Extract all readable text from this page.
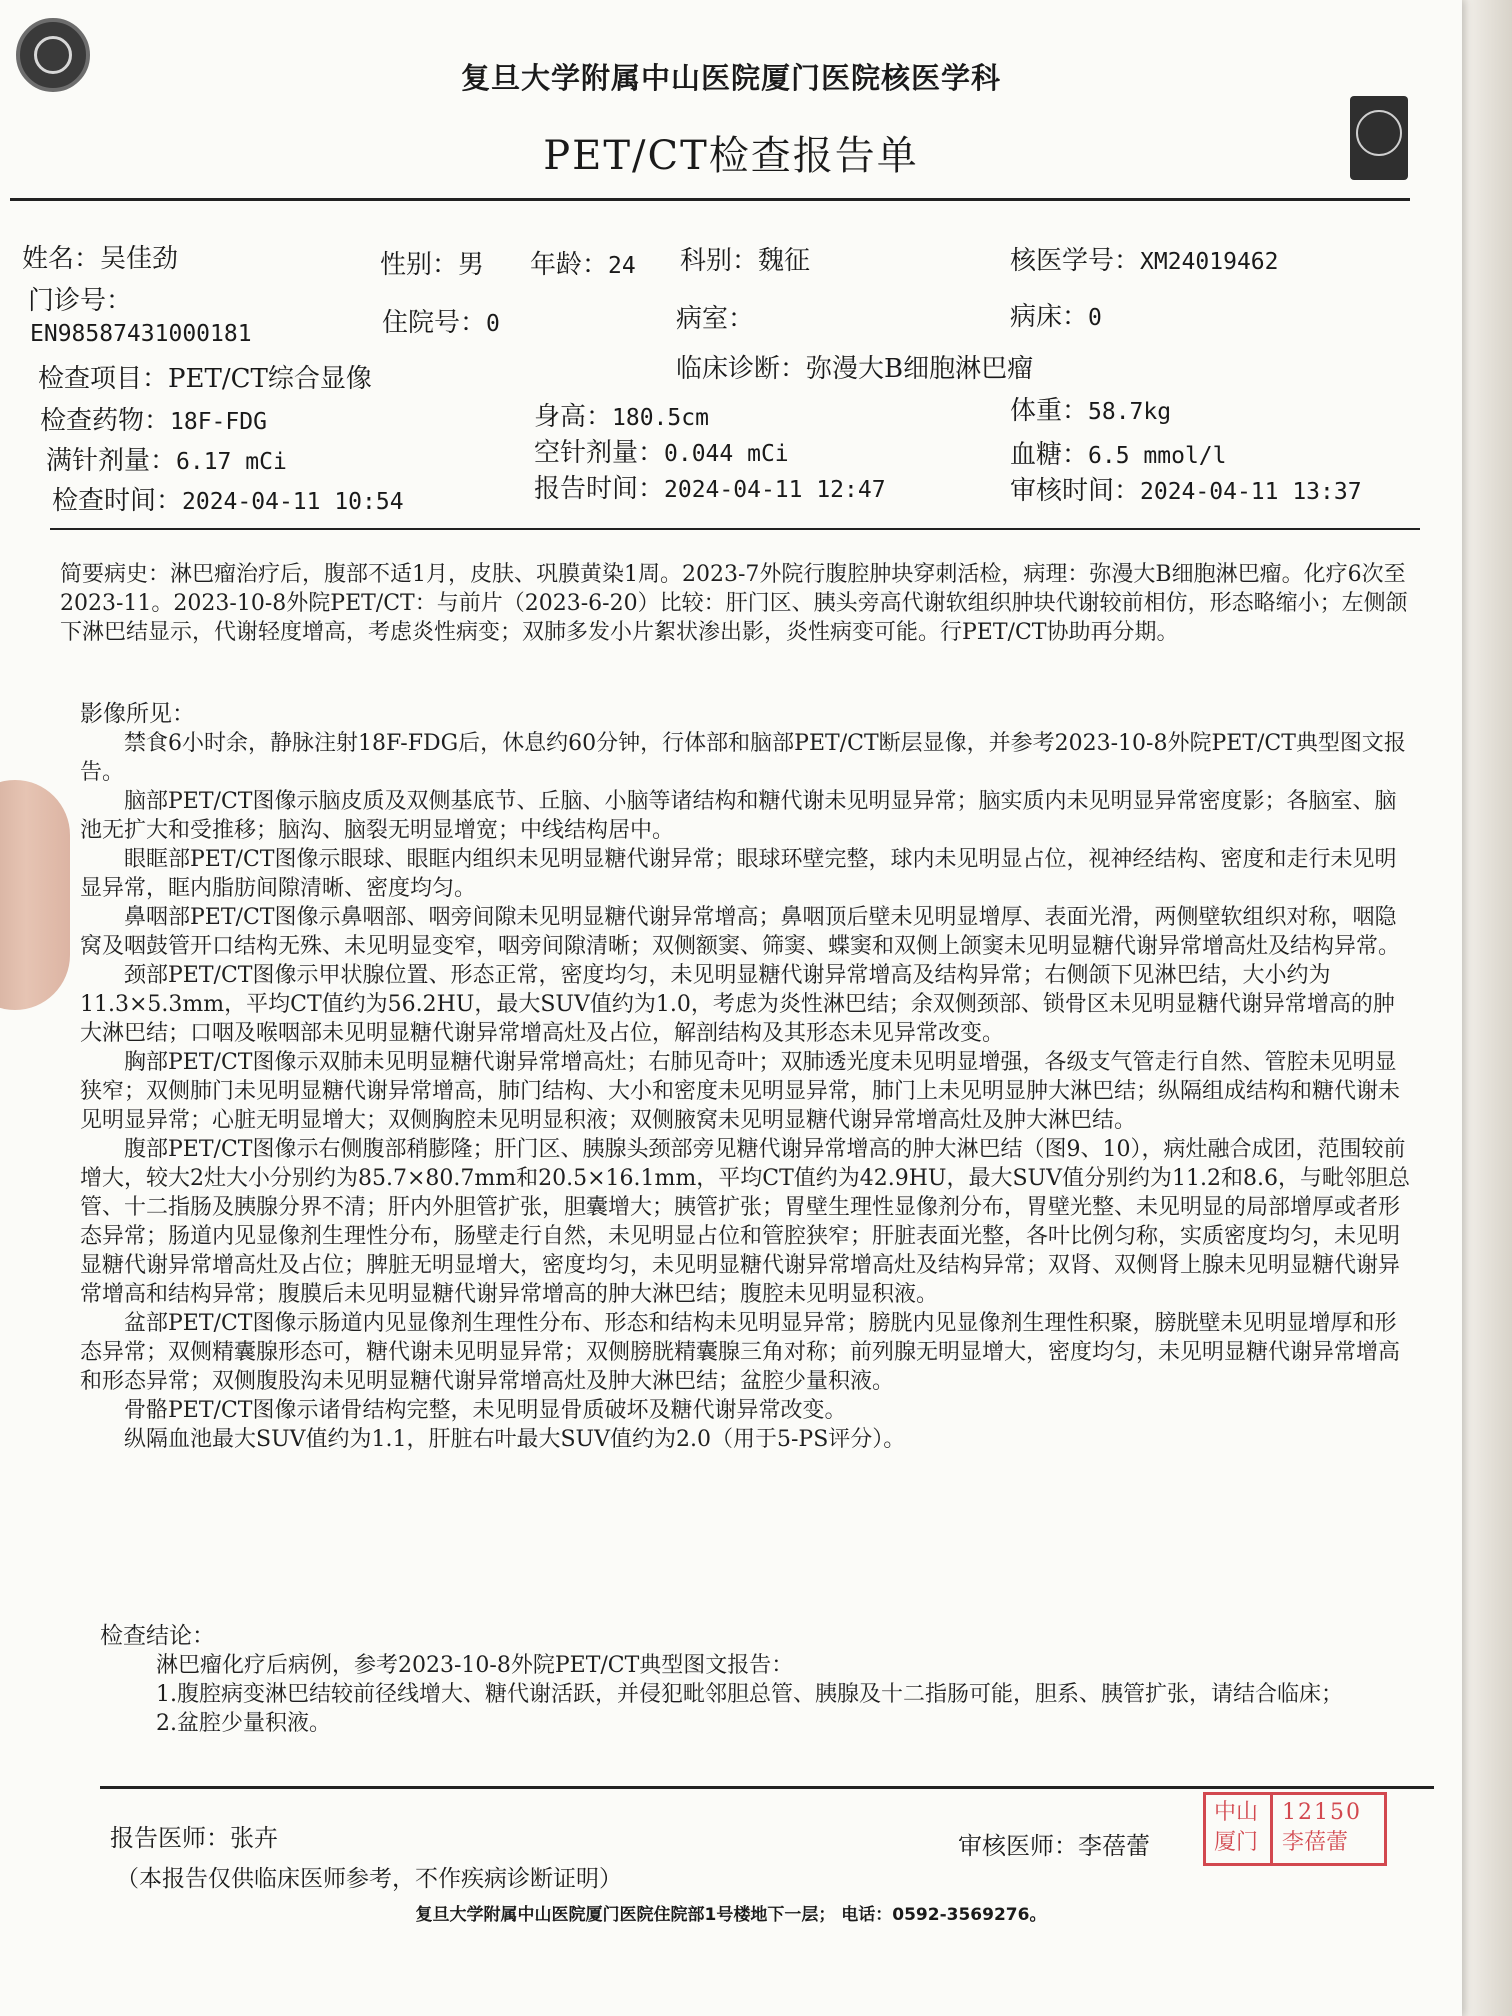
复旦大学附属中山医院厦门医院核医学科
PET/CT检查报告单
姓名：吴佳劲	性别：男 年龄：24 科别：魏征	核医学号：XM24019462
门诊号：
EN98587431000181	住院号：0	病室：	病床：0
检查项目：PET/CT综合显像	临床诊断：弥漫大B细胞淋巴瘤
检查药物：18F-FDG	身高：180.5cm	体重：58.7kg
满针剂量：6.17 mCi	空针剂量：0.044 mCi	血糖：6.5 mmol/l
检查时间：2024-04-11 10:54	报告时间：2024-04-11 12:47	审核时间：2024-04-11 13:37

简要病史：淋巴瘤治疗后，腹部不适1月，皮肤、巩膜黄染1周。2023-7外院行腹腔肿块穿刺活检，病理：弥漫大B细胞淋巴瘤。化疗6次至2023-11。2023-10-8外院PET/CT：与前片（2023-6-20）比较：肝门区、胰头旁高代谢软组织肿块代谢较前相仿，形态略缩小；左侧颌下淋巴结显示，代谢轻度增高，考虑炎性病变；双肺多发小片絮状渗出影，炎性病变可能。行PET/CT协助再分期。

影像所见：

禁食6小时余，静脉注射18F-FDG后，休息约60分钟，行体部和脑部PET/CT断层显像，并参考2023-10-8外院PET/CT典型图文报告。

脑部PET/CT图像示脑皮质及双侧基底节、丘脑、小脑等诸结构和糖代谢未见明显异常；脑实质内未见明显异常密度影；各脑室、脑池无扩大和受推移；脑沟、脑裂无明显增宽；中线结构居中。

眼眶部PET/CT图像示眼球、眼眶内组织未见明显糖代谢异常；眼球环壁完整，球内未见明显占位，视神经结构、密度和走行未见明显异常，眶内脂肪间隙清晰、密度均匀。

鼻咽部PET/CT图像示鼻咽部、咽旁间隙未见明显糖代谢异常增高；鼻咽顶后壁未见明显增厚、表面光滑，两侧壁软组织对称，咽隐窝及咽鼓管开口结构无殊、未见明显变窄，咽旁间隙清晰；双侧额窦、筛窦、蝶窦和双侧上颌窦未见明显糖代谢异常增高灶及结构异常。

颈部PET/CT图像示甲状腺位置、形态正常，密度均匀，未见明显糖代谢异常增高及结构异常；右侧颌下见淋巴结，大小约为11.3×5.3mm，平均CT值约为56.2HU，最大SUV值约为1.0，考虑为炎性淋巴结；余双侧颈部、锁骨区未见明显糖代谢异常增高的肿大淋巴结；口咽及喉咽部未见明显糖代谢异常增高灶及占位，解剖结构及其形态未见异常改变。

胸部PET/CT图像示双肺未见明显糖代谢异常增高灶；右肺见奇叶；双肺透光度未见明显增强，各级支气管走行自然、管腔未见明显狭窄；双侧肺门未见明显糖代谢异常增高，肺门结构、大小和密度未见明显异常，肺门上未见明显肿大淋巴结；纵隔组成结构和糖代谢未见明显异常；心脏无明显增大；双侧胸腔未见明显积液；双侧腋窝未见明显糖代谢异常增高灶及肿大淋巴结。

腹部PET/CT图像示右侧腹部稍膨隆；肝门区、胰腺头颈部旁见糖代谢异常增高的肿大淋巴结（图9、10），病灶融合成团，范围较前增大，较大2灶大小分别约为85.7×80.7mm和20.5×16.1mm，平均CT值约为42.9HU，最大SUV值分别约为11.2和8.6，与毗邻胆总管、十二指肠及胰腺分界不清；肝内外胆管扩张，胆囊增大；胰管扩张；胃壁生理性显像剂分布，胃壁光整、未见明显的局部增厚或者形态异常；肠道内见显像剂生理性分布，肠壁走行自然，未见明显占位和管腔狭窄；肝脏表面光整，各叶比例匀称，实质密度均匀，未见明显糖代谢异常增高灶及占位；脾脏无明显增大，密度均匀，未见明显糖代谢异常增高灶及结构异常；双肾、双侧肾上腺未见明显糖代谢异常增高和结构异常；腹膜后未见明显糖代谢异常增高的肿大淋巴结；腹腔未见明显积液。

盆部PET/CT图像示肠道内见显像剂生理性分布、形态和结构未见明显异常；膀胱内见显像剂生理性积聚，膀胱壁未见明显增厚和形态异常；双侧精囊腺形态可，糖代谢未见明显异常；双侧膀胱精囊腺三角对称；前列腺无明显增大，密度均匀，未见明显糖代谢异常增高和形态异常；双侧腹股沟未见明显糖代谢异常增高灶及肿大淋巴结；盆腔少量积液。

骨骼PET/CT图像示诸骨结构完整，未见明显骨质破坏及糖代谢异常改变。

纵隔血池最大SUV值约为1.1，肝脏右叶最大SUV值约为2.0（用于5-PS评分）。

检查结论：

淋巴瘤化疗后病例，参考2023-10-8外院PET/CT典型图文报告：

1.腹腔病变淋巴结较前径线增大、糖代谢活跃，并侵犯毗邻胆总管、胰腺及十二指肠可能，胆系、胰管扩张，请结合临床；

2.盆腔少量积液。

报告医师：张卉
（本报告仅供临床医师参考，不作疾病诊断证明）
审核医师：李蓓蕾
中山
厦门
12150
李蓓蕾
复旦大学附属中山医院厦门医院住院部1号楼地下一层； 电话：0592-3569276。
